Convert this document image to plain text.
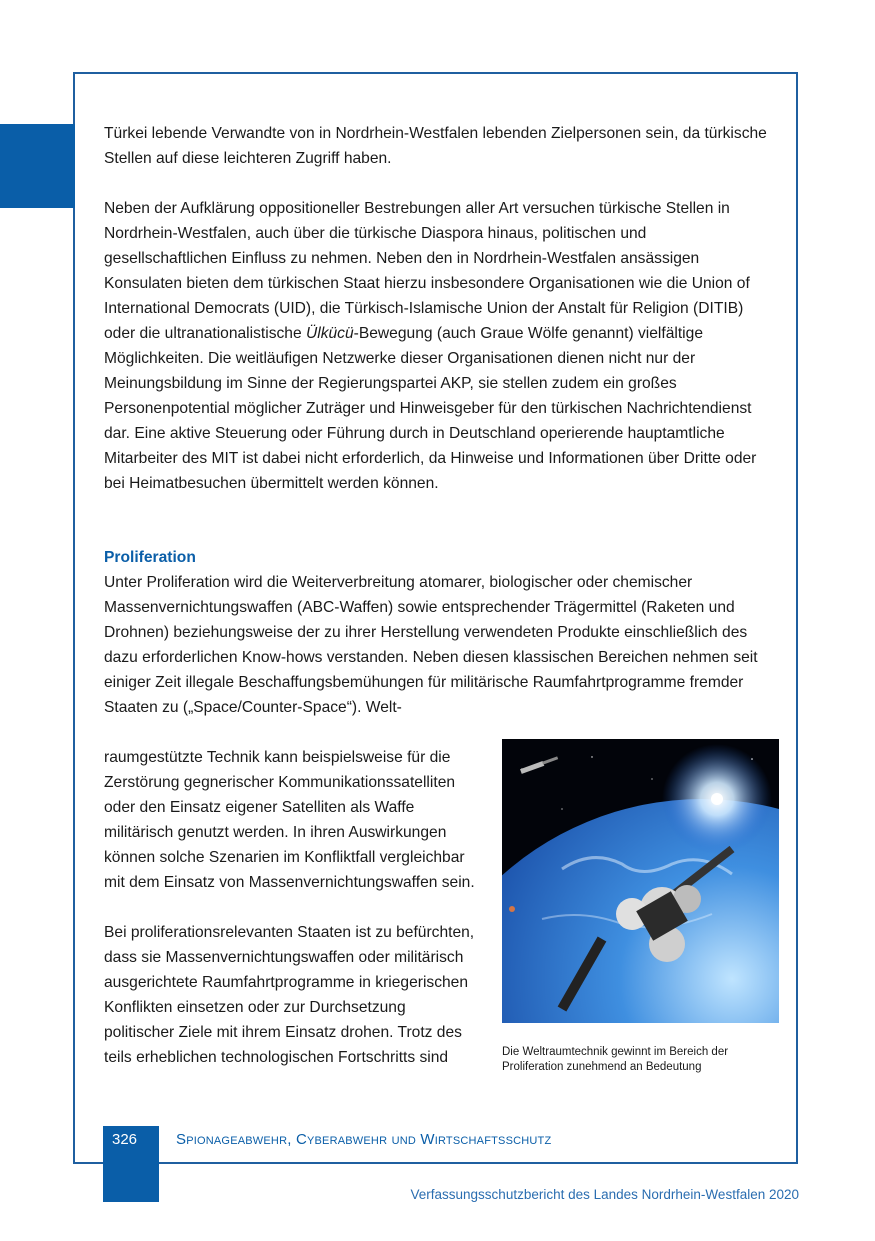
Türkei lebende Verwandte von in Nordrhein-Westfalen lebenden Zielpersonen sein, da türkische Stellen auf diese leichteren Zugriff haben.

Neben der Aufklärung oppositioneller Bestrebungen aller Art versuchen türkische Stellen in Nordrhein-Westfalen, auch über die türkische Diaspora hinaus, politischen und gesellschaftlichen Einfluss zu nehmen. Neben den in Nordrhein-Westfalen ansässigen Konsulaten bieten dem türkischen Staat hierzu insbesondere Organisationen wie die Union of International Democrats (UID), die Türkisch-Islamische Union der Anstalt für Religion (DITIB) oder die ultranationalistische Ülkücü-Bewegung (auch Graue Wölfe genannt) vielfältige Möglichkeiten. Die weitläufigen Netzwerke dieser Organisationen dienen nicht nur der Meinungsbildung im Sinne der Regierungspartei AKP, sie stellen zudem ein großes Personenpotential möglicher Zuträger und Hinweisgeber für den türkischen Nachrichtendienst dar. Eine aktive Steuerung oder Führung durch in Deutschland operierende hauptamtliche Mitarbeiter des MIT ist dabei nicht erforderlich, da Hinweise und Informationen über Dritte oder bei Heimatbesuchen übermittelt werden können.

Proliferation

Unter Proliferation wird die Weiterverbreitung atomarer, biologischer oder chemischer Massenvernichtungswaffen (ABC-Waffen) sowie entsprechender Trägermittel (Raketen und Drohnen) beziehungsweise der zu ihrer Herstellung verwendeten Produkte einschließlich des dazu erforderlichen Know-hows verstanden. Neben diesen klassischen Bereichen nehmen seit einiger Zeit illegale Beschaffungsbemühungen für militärische Raumfahrtprogramme fremder Staaten zu („Space/Counter-Space“). Welt-

raumgestützte Technik kann beispielsweise für die Zerstörung gegnerischer Kommunikationssatelliten oder den Einsatz eigener Satelliten als Waffe militärisch genutzt werden. In ihren Auswirkungen können solche Szenarien im Konfliktfall vergleichbar mit dem Einsatz von Massenvernichtungswaffen sein.
Bei proliferationsrelevanten Staaten ist zu befürchten, dass sie Massenvernichtungswaffen oder militärisch ausgerichtete Raumfahrtprogramme in kriegerischen Konflikten einsetzen oder zur Durchsetzung politischer Ziele mit ihrem Einsatz drohen. Trotz des teils erheblichen technologischen Fortschritts sind	Die Weltraumtechnik gewinnt im Bereich der Proliferation zunehmend an Bedeutung
326	Spionageabwehr, Cyberabwehr und Wirtschaftsschutz
Verfassungsschutzbericht des Landes Nordrhein-Westfalen 2020
